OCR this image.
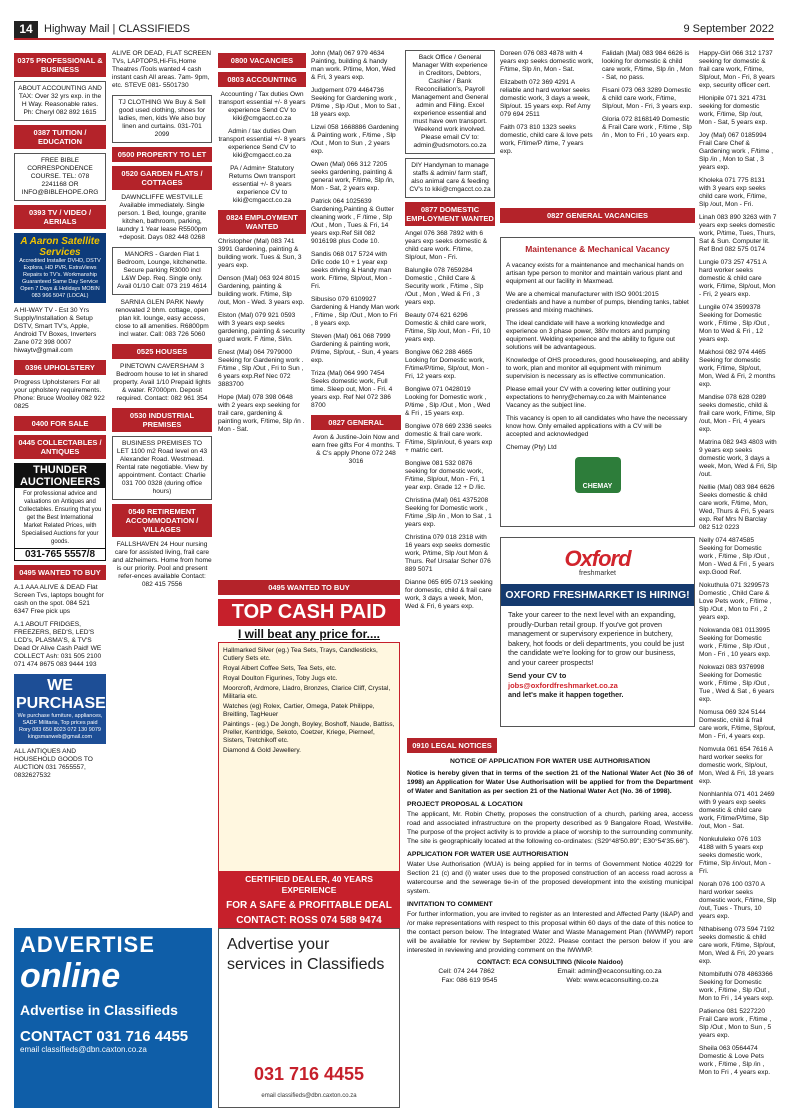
14	Highway Mail | CLASSIFIEDS	9 September 2022
0375 PROFESSIONAL & BUSINESS
ABOUT ACCOUNTING AND TAX: Over 32 yrs exp. in the H Way. Reasonable rates. Ph: Cheryl 082 892 1615
0387 TUITION / EDUCATION
FREE BIBLE CORRESPONDENCE COURSE. TEL: 078 2241168 OR INFO@BIBLEHOPE.ORG
0393 TV / VIDEO / AERIALS
A Aaron Satellite Services
Accredited Installer DVHD, DSTV Explora, HD PVR, ExtraViews Repairs to TV's. Workmanship Guaranteed Same Day Service Open 7 Days & Holidays MOBIN 083 966 5047 (LOCAL)
A HI-WAY TV - Est 30 Yrs Supply/Installation & Setup DSTV, Smart TV's, Apple, Android TV Boxes, Inverters Zane 072 398 0007 hiwaytv@gmail.com
0396 UPHOLSTERY
Progress Upholsterers For all your upholstery requirements. Phone: Bruce Woolley 082 922 0825
0400 FOR SALE
0445 COLLECTABLES / ANTIQUES
THUNDER AUCTIONEERS
For professional advice and valuations on Antiques and Collectables. Ensuring that you get the Best International Market Related Prices, with Specialised Auctions for your goods.
031-765 5557/8
0495 WANTED TO BUY
A.1 AAA ALIVE & DEAD Flat Screen Tvs, laptops bought for cash on the spot. 084 521 6347 Free pick ups
A.1 ABOUT FRIDGES, FREEZERS, BED'S, LED'S LCD's, PLASMA'S, & TV'S Dead Or Alive Cash Paid! WE COLLECT Ash: 031 505 2100 071 474 8675 083 9444 193
WE PURCHASE
We purchase furniture, appliances, SADF Militaria, Top prices paid Rory 083 650 8023 072 130 9079 kingsmanweb@gmail.com
ALL ANTIQUES AND HOUSEHOLD GOODS TO AUCTION 031 7655557, 0832627532
ALIVE OR DEAD, FLAT SCREEN TVs, LAPTOPS,Hi-Fis,Home Theatres /Tools wanted 4 cash instant cash All areas. 7am- 9pm, etc. STEVE 081- 5501730
TJ CLOTHING We Buy & Sell good used clothing, shoes for ladies, men, kids We also buy linen and curtains. 031-701 2099
0500 PROPERTY TO LET
0520 GARDEN FLATS / COTTAGES
DAWNCLIFFE WESTVILLE Available immediately. Single person. 1 Bed, lounge, granite kitchen, bathroom, parking, laundry 1 Year lease R5500pm +deposit. Days 082 448 0268
MANORS - Garden Flat 1 Bedroom, Lounge, kitchenette. Secure parking R3000 incl L&W Dep. Req. Single only. Avail 01/10 Call: 073 219 4614
SARNIA GLEN PARK Newly renovated 2 bhm. cottage, open plan kit. lounge, easy access, close to all amenities. R6800pm incl water. Call: 083 726 5060
0525 HOUSES
PINETOWN CAVERSHAM 3 Bedroom house to let in shared property. Avail 1/10 Prepaid lights & water. R7000pm. Deposit required. Contact: 082 961 354
0530 INDUSTRIAL PREMISES
BUSINESS PREMISES TO LET 1100 m2 Road level on 43 Alexander Road. Westmead. Rental rate negotiable. View by appointment. Contact: Charlie 031 700 0328 (during office hours)
0540 RETIREMENT ACCOMMODATION / VILLAGES
FALLSHAVEN 24 Hour nursing care for assisted living, frail care and alzheimers. Home from home is our priority. Pool and present refer-ences available Contact: 082 415 7556
0800 VACANCIES
0803 ACCOUNTING
Accounting / Tax duties Own transport essential +/- 8 years experience Send CV to kiki@cmgacct.co.za
Admin / tax duties Own transport essential +/- 8 years experience Send CV to kiki@cmgacct.co.za
PA / Admin+ Statutory Returns Own transport essential +/- 8 years experience CV to kiki@cmgacct.co.za
0824 EMPLOYMENT WANTED
Christopher (Mal) 083 741 3991 Gardening, painting & building work. Tues & Sun, 3 years exp.
Denson (Mal) 063 924 8015 Gardening, painting & building work. F/time, Slp /out, Mon - Wed. 3 years exp.
Elston (Mal) 079 921 0593 with 3 years exp seeks gardening, painting & security guard work. F /time, Sl/in.
Enest (Mal) 064 7979000 Seeking for Gardening work . F/time , Slp /Out , Fri to Sun , 6 years exp.Ref Nec 072 3883700
Hope (Mal) 078 398 0648 with 2 years exp seeking for trail care, gardening & painting work, F/time, Slp /in . Mon - Sat.
John (Mal) 067 979 4634 Painting, building & handy man work. P/time, Mon, Wed & Fri, 3 years exp.
Judgement 079 4464736 Seeking for Gardening work , P/time , Slp /Out , Mon to Sat , 18 years exp.
Lizwi 058 1668886 Gardening & Painting work , F/time , Slp /Out , Mon to Sun , 2 years exp.
Owen (Mal) 066 312 7205 seeks gardening, painting & general work, F/time, Slp /in, Mon - Sat, 2 years exp.
Patrick 064 1025639 Gardening,Painting & Gutter cleaning work , F /time , Slp /Out , Mon , Tues & Fri, 14 years exp.Ref Sill 082 9016198 plus Code 10.
Sandis 068 017 5724 with D/lic code 10 + 1 year exp seeks driving & Handy man work. F/time, Slp/out, Mon - Fri.
Sibusiso 079 6109927 Gardening & Handy Man work , F/time , Slp /Out , Mon to Fri , 8 years exp.
Steven (Mal) 061 068 7999 Gardening & painting work, P/time, Slp/out, - Sun, 4 years exp.
Triza (Mal) 064 990 7454 Seeks domestic work, Full time. Sleep out, Mon - Fri. 4 years exp. Ref Nel 072 386 8700
0827 GENERAL
Avon & Justine-Join Now and earn free gifts For 4 months. T & C's apply Phone 072 248 3016
Back Office / General Manager With experience in Creditors, Debtors, Cashier / Bank Reconciliation's, Payroll Management and General admin and Filing. Excel experience essential and must have own transport. Weekend work involved. Please email CV to: admin@udsmotors.co.za
DIY Handyman to manage staffs & admin/ farm staff, also animal care & feeding CV's to kiki@cmgacct.co.za
0877 DOMESTIC EMPLOYMENT WANTED
Angel 076 368 7892 with 6 years exp seeks domestic & child care work. F/time, Slp/out, Mon - Fri.
Balungile 078 7659284 Domestic , Child Care & Security work , F/time , Slp /Out , Mon , Wed & Fri , 3 years exp.
Beauty 074 621 6296 Domestic & child care work, F/time, Slp /out, Mon - Fri, 10 years exp.
Bongiwe 062 288 4665 Looking for Domestic work, F/time/P/time, Slp/out, Mon - Fri, 12 years exp.
Bongiwe 071 0428019 Looking for Domestic work , P/time , Slp /Out , Mon , Wed & Fri , 15 years exp.
Bongiwe 078 669 2336 seeks domestic & frail care work. F/time, Slp/in/out, 6 years exp + matric cert.
Bongiwe 081 532 0876 seeking for domestic work, F/time, Slp/out, Mon - Fri, 1 year exp. Grade 12 + D /lic.
Christina (Mal) 061 4375208 Seeking for Domestic work , F/time ,Slp /in , Mon to Sat , 1 years exp.
Christina 079 018 2318 with 16 years exp seeks domestic work, P/time, Slp /out Mon & Thurs. Ref Ursalar Scher 076 889 5071
Dianne 065 695 0713 seeking for domestic, child & frail care work, 3 days a week, Mon, Wed & Fri, 6 years exp.
Doreen 076 083 4878 with 4 years exp seeks domestic work, F/time, Slp /in, Mon - Sat.
Elizabeth 072 369 4291 A reliable and hard worker seeks domestic work, 3 days a week, Slp/out. 15 years exp. Ref Amy 079 694 2511
Faith 073 810 1323 seeks domestic, child care & love pets work, F/time/P /time, 7 years exp.
Falidah (Mal) 083 984 6626 is looking for domestic & child care work, F/time, Slp /in , Mon - Sat, no pass.
Fisani 073 063 3289 Domestic & child care work, F/time, Slp/out, Mon - Fri, 3 years exp.
Gloria 072 8168149 Domestic & Frail Care work , F/time , Slp /in , Mon to Fri , 10 years exp.
0827 GENERAL VACANCIES
Maintenance & Mechanical Vacancy

A vacancy exists for a maintenance and mechanical hands on artisan type person to monitor and maintain various plant and equipment at our facility in Maxmead.

We are a chemical manufacturer with ISO 9001:2015 credentials and have a number of pumps, blending tanks, tablet presses and mixing machines.

The ideal candidate will have a working knowledge and experience on 3 phase power, 380v motors and pumping equipment. Welding experience and the ability to figure out solutions will be advantageous.

Knowledge of OHS procedures, good housekeeping, and ability to work, plan and monitor all equipment with minimum supervision is necessary as is effective communication.

Please email your CV with a covering letter outlining your expectations to henry@chemay.co.za with Maintenance Vacancy as the subject line.

This vacancy is open to all candidates who have the necessary know how. Only emailed applications with a CV will be accepted and acknowledged

Chemay (Pty) Ltd

CHEMAY
Oxford
freshmarket
OXFORD FRESHMARKET IS HIRING!
Take your career to the next level with an expanding, proudly-Durban retail group. If you've got proven management or supervisory experience in butchery, bakery, hot foods or deli departments, you could be just the candidate we're looking for to grow our business, and your career prospects!
Send your CV to
jobs@oxfordfreshmarket.co.za
and let's make it happen together.
Happy-Girl 066 312 1737 seeking for domestic & frail care work, F/time, Slp/out, Mon - Fri, 8 years exp, security officer cert.
Hlonipile 071 321 4731 seeking for domestic work, F/time, Slp /out, Mon - Sat, 5 years exp.
Joy (Mal) 067 0185994 Frail Care Chef & Gardening work , F/time , Slp /in , Mon to Sat , 3 years exp.
Kholeka 071 775 8131 with 3 years exp seeks child care work, F/time, Slp /out, Mon - Fri.
Linah 083 890 3263 with 7 years exp seeks domestic work, P/time, Tues, Thurs, Sat & Sun. Computer lit. Ref Bnd 082 575 0174
Lungie 073 257 4751 A hard worker seeks domestic & child care work, F/time, Slp/out, Mon - Fri, 2 years exp.
Lungile 074 3599378 Seeking for Domestic work , F/time , Slp /Out , Mon to Wed & Fri , 12 years exp.
Makhosi 082 974 4465 Seeking for domestic work, F/time, Slp/out, Mon, Wed & Fri, 2 months exp.
Mandise 078 628 0289 seeks domestic, child & frail care work, F/time, Slp /out, Mon - Fri, 4 years exp.
Matrina 082 943 4803 with 9 years exp seeks domestic work, 3 days a week, Mon, Wed & Fri, Slp /out.
Nellie (Mal) 083 984 6626 Seeks domestic & child care work, F/time, Mon, Wed, Thurs & Fri, 5 years exp. Ref Mrs N Barclay 082 512 0223
Nelly 074 4874585 Seeking for Domestic work , F/time , Slp /Out , Mon - Wed & Fri , 5 years exp.Good Ref.
Nokuthula 071 3299573 Domestic , Child Care & Love Pets work , F/time , Slp /Out , Mon to Fri , 2 years exp.
Nokwanda 081 0113995 Seeking for Domestic work , F/time , Slp /Out , Mon - Fri , 10 years exp.
Nokwazi 083 9376998 Seeking for Domestic work , F/time , Slp /Out , Tue , Wed & Sat , 6 years exp.
Nomusa 069 324 5144 Domestic, child & frail care work, F/time, Slp/out, Mon - Fri, 4 years exp.
Nomvula 061 654 7616 A hard worker seeks for domestic work, Slp/out, Mon, Wed & Fri, 18 years exp.
Nonhlanhla 071 401 2469 with 9 years exp seeks domestic & child care work, F/time/P/time, Slp /out, Mon - Sat.
Nonkululeko 076 103 4188 with 5 years exp seeks domestic work, F/time, Slp /in/out, Mon - Fri.
Norah 076 100 0370 A hard worker seeks domestic work, F/time, Slp /out, Tues - Thurs, 10 years exp.
Nthabiseng 073 594 7192 seeks domestic & child care work, F/time, Slp/out, Mon, Wed & Fri, 20 years exp.
Ntombifuthi 078 4863366 Seeking for Domestic work , F/time , Slp /Out , Mon to Fri , 14 years exp.
Patience 081 5227220 Frail Care work , F/time , Slp /Out , Mon to Sun , 5 years exp.
Sheila 063 0564474 Domestic & Love Pets work , F/time , Slp /in , Mon to Fri , 4 years exp.
0495 WANTED TO BUY
TOP CASH PAID
I will beat any price for....
Hallmarked Silver (eg.) Tea Sets, Trays, Candlesticks, Cutlery Sets etc.
Royal Albert Coffee Sets, Tea Sets, etc.
Royal Doulton Figurines, Toby Jugs etc.
Moorcroft, Ardmore, Lladro, Bronzes, Clarice Cliff, Crystal, Militaria etc.
Watches (eg) Rolex, Cartier, Omega, Patek Philippe, Breitling, TagHeuer
Paintings - (eg.) De Jongh, Boyley, Boshoff, Naude, Battiss, Preller, Kentridge, Sekoto, Coetzer, Kriege, Pierneef, Sisters, Tretchikoff etc.
Diamond & Gold Jewellery.
CERTIFIED DEALER, 40 YEARS EXPERIENCE
FOR A SAFE & PROFITABLE DEAL
CONTACT: ROSS 074 588 9474
0910 LEGAL NOTICES
NOTICE OF APPLICATION FOR WATER USE AUTHORISATION

Notice is hereby given that in terms of the section 21 of the National Water Act (No 36 of 1998) an Application for Water Use Authorisation will be applied for from the Department of Water and Sanitation as per section 21 of the National Water Act (No. 36 of 1998).

PROJECT PROPOSAL & LOCATION

The applicant, Mr. Robin Chetty, proposes the construction of a church, parking area, access road and associated infrastructure on the property described as 9 Bangalore Road, Westville. The purpose of the project activity is to provide a place of worship to the surrounding community. The site is geographically located at the following co-ordinates: (S29°48'50.89"; E30°54'35.66").

APPLICATION FOR WATER USE AUTHORISATION

Water Use Authorisation (WUA) is being applied for in terms of Government Notice 40229 for Section 21 (c) and (i) water uses due to the proposed construction of an access road across a watercourse and the sewerage tie-in of the proposed development into the existing municipal system.

INVITATION TO COMMENT

For further information, you are invited to register as an Interested and Affected Party (I&AP) and /or make representations with respect to this proposal within 60 days of the date of this notice to the contact person below. The Integrated Water and Waste Management Plan (IWWMP) report will be available for review by September 2022. Please contact the person below if you are interested in reviewing and providing comment on the IWWMP.

CONTACT: ECA CONSULTING (Nicole Naidoo)
Cell: 074 244 7862	Email: admin@ecaconsulting.co.za
Fax: 086 619 9545	Web: www.ecaconsulting.co.za
ADVERTISE
online
Advertise in Classifieds
CONTACT 031 716 4455
email classifieds@dbn.caxton.co.za
Advertise your services in Classifieds
031 716 4455
email classifieds@dbn.caxton.co.za
